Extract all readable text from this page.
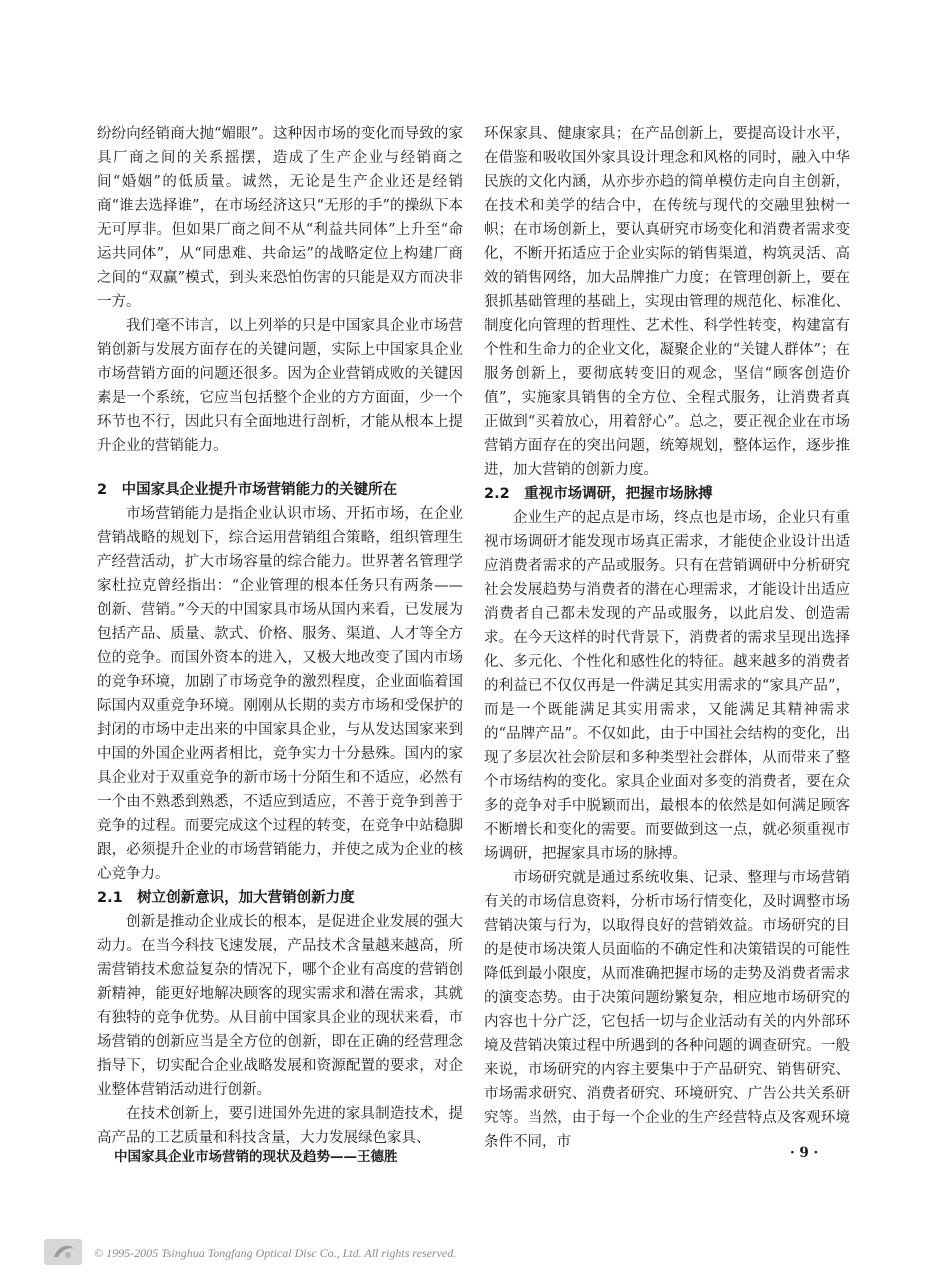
纷纷向经销商大抛“媚眼”。这种因市场的变化而导致的家具厂商之间的关系摇摆，造成了生产企业与经销商之间“婚姻”的低质量。诚然，无论是生产企业还是经销商“谁去选择谁”，在市场经济这只“无形的手”的操纵下本无可厚非。但如果厂商之间不从“利益共同体”上升至“命运共同体”，从“同患难、共命运”的战略定位上构建厂商之间的“双赢”模式，到头来恐怕伤害的只能是双方而决非一方。

我们毫不讳言，以上列举的只是中国家具企业市场营销创新与发展方面存在的关键问题，实际上中国家具企业市场营销方面的问题还很多。因为企业营销成败的关键因素是一个系统，它应当包括整个企业的方方面面，少一个环节也不行，因此只有全面地进行剖析，才能从根本上提升企业的营销能力。

2　中国家具企业提升市场营销能力的关键所在

市场营销能力是指企业认识市场、开拓市场，在企业营销战略的规划下，综合运用营销组合策略，组织管理生产经营活动，扩大市场容量的综合能力。世界著名管理学家杜拉克曾经指出：“企业管理的根本任务只有两条——创新、营销。”今天的中国家具市场从国内来看，已发展为包括产品、质量、款式、价格、服务、渠道、人才等全方位的竞争。而国外资本的进入，又极大地改变了国内市场的竞争环境，加剧了市场竞争的激烈程度，企业面临着国际国内双重竞争环境。刚刚从长期的卖方市场和受保护的封闭的市场中走出来的中国家具企业，与从发达国家来到中国的外国企业两者相比，竞争实力十分悬殊。国内的家具企业对于双重竞争的新市场十分陌生和不适应，必然有一个由不熟悉到熟悉，不适应到适应，不善于竞争到善于竞争的过程。而要完成这个过程的转变，在竞争中站稳脚跟，必须提升企业的市场营销能力，并使之成为企业的核心竞争力。

2.1　树立创新意识，加大营销创新力度

创新是推动企业成长的根本，是促进企业发展的强大动力。在当今科技飞速发展，产品技术含量越来越高，所需营销技术愈益复杂的情况下，哪个企业有高度的营销创新精神，能更好地解决顾客的现实需求和潜在需求，其就有独特的竞争优势。从目前中国家具企业的现状来看，市场营销的创新应当是全方位的创新，即在正确的经营理念指导下，切实配合企业战略发展和资源配置的要求，对企业整体营销活动进行创新。

在技术创新上，要引进国外先进的家具制造技术，提高产品的工艺质量和科技含量，大力发展绿色家具、

环保家具、健康家具；在产品创新上，要提高设计水平，在借鉴和吸收国外家具设计理念和风格的同时，融入中华民族的文化内涵，从亦步亦趋的简单模仿走向自主创新，在技术和美学的结合中，在传统与现代的交融里独树一帜；在市场创新上，要认真研究市场变化和消费者需求变化，不断开拓适应于企业实际的销售渠道，构筑灵活、高效的销售网络，加大品牌推广力度；在管理创新上，要在狠抓基础管理的基础上，实现由管理的规范化、标准化、制度化向管理的哲理性、艺术性、科学性转变，构建富有个性和生命力的企业文化，凝聚企业的“关键人群体”；在服务创新上，要彻底转变旧的观念，坚信“顾客创造价值”，实施家具销售的全方位、全程式服务，让消费者真正做到“买着放心，用着舒心”。总之，要正视企业在市场营销方面存在的突出问题，统筹规划，整体运作，逐步推进，加大营销的创新力度。

2.2　重视市场调研，把握市场脉搏

企业生产的起点是市场，终点也是市场，企业只有重视市场调研才能发现市场真正需求，才能使企业设计出适应消费者需求的产品或服务。只有在营销调研中分析研究社会发展趋势与消费者的潜在心理需求，才能设计出适应消费者自己都未发现的产品或服务，以此启发、创造需求。在今天这样的时代背景下，消费者的需求呈现出选择化、多元化、个性化和感性化的特征。越来越多的消费者的利益已不仅仅再是一件满足其实用需求的“家具产品”，而是一个既能满足其实用需求，又能满足其精神需求的“品牌产品”。不仅如此，由于中国社会结构的变化，出现了多层次社会阶层和多种类型社会群体，从而带来了整个市场结构的变化。家具企业面对多变的消费者，要在众多的竞争对手中脱颖而出，最根本的依然是如何满足顾客不断增长和变化的需要。而要做到这一点，就必须重视市场调研，把握家具市场的脉搏。

市场研究就是通过系统收集、记录、整理与市场营销有关的市场信息资料，分析市场行情变化，及时调整市场营销决策与行为，以取得良好的营销效益。市场研究的目的是使市场决策人员面临的不确定性和决策错误的可能性降低到最小限度，从而准确把握市场的走势及消费者需求的演变态势。由于决策问题纷繁复杂，相应地市场研究的内容也十分广泛，它包括一切与企业活动有关的内外部环境及营销决策过程中所遇到的各种问题的调查研究。一般来说，市场研究的内容主要集中于产品研究、销售研究、市场需求研究、消费者研究、环境研究、广告公共关系研究等。当然，由于每一个企业的生产经营特点及客观环境条件不同，市

中国家具企业市场营销的现状及趋势——王德胜	· 9 ·
© 1995-2005 Tsinghua Tongfang Optical Disc Co., Ltd. All rights reserved.
